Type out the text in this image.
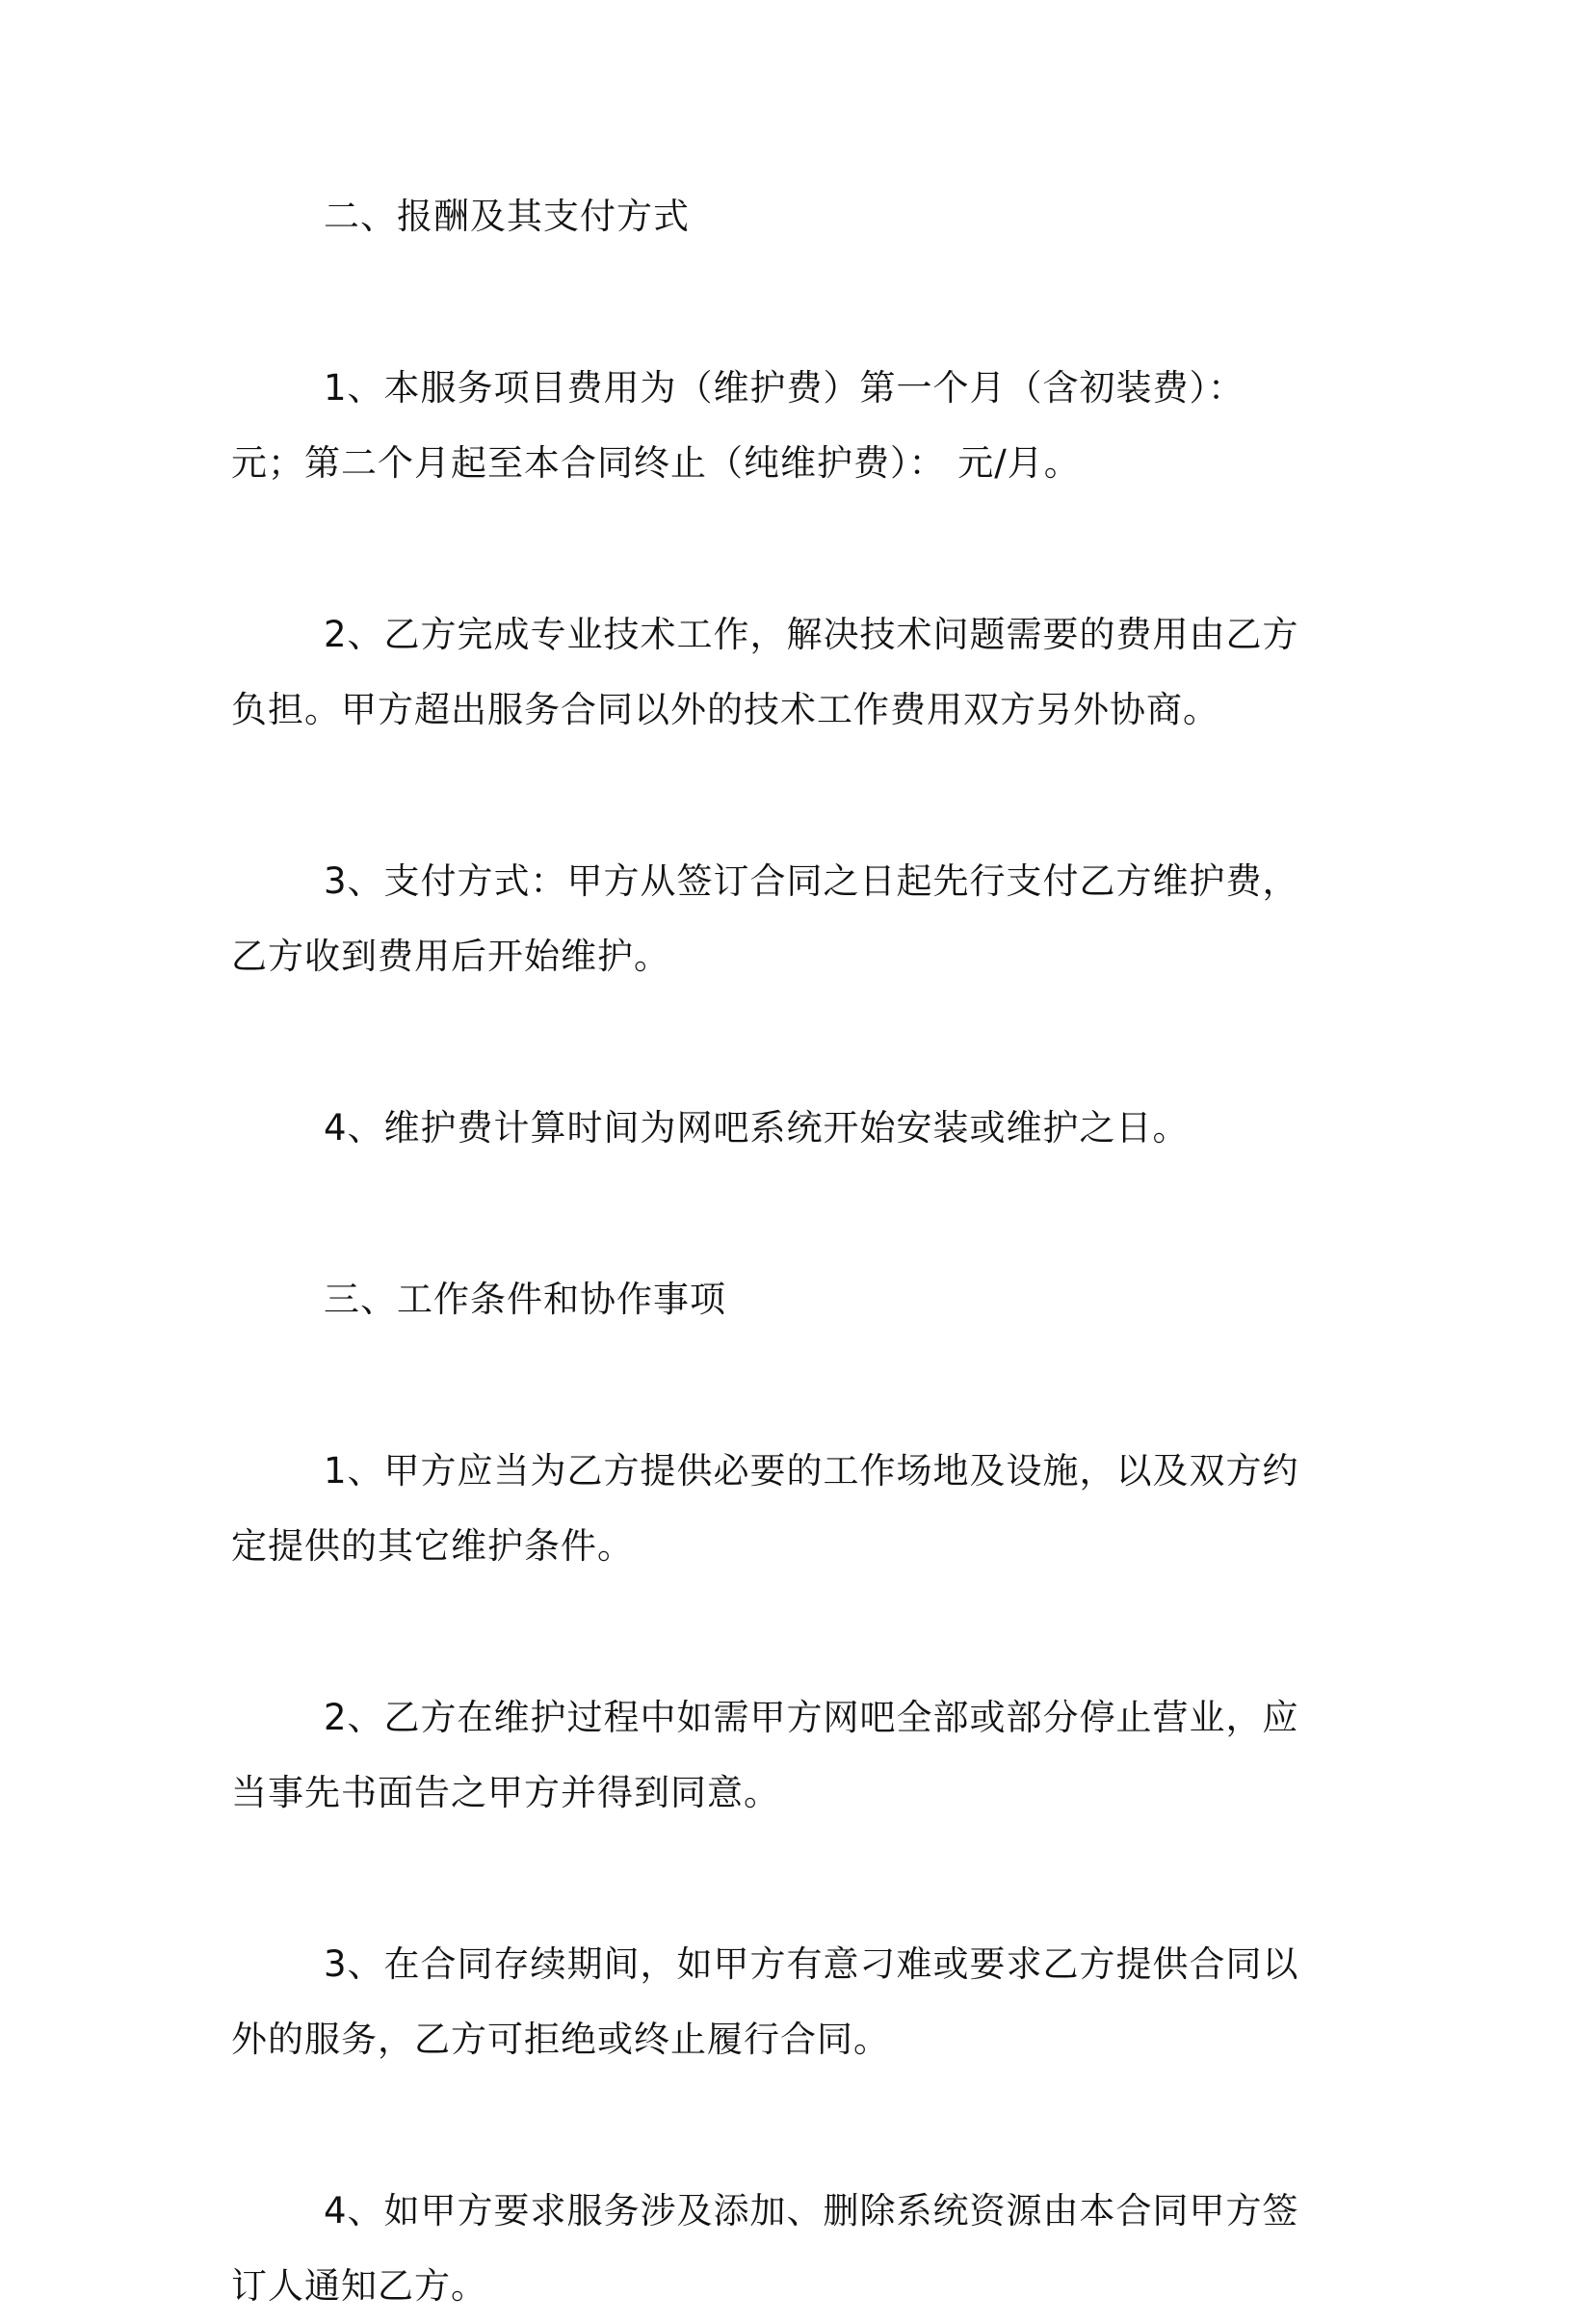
二、报酬及其支付方式

1、本服务项目费用为（维护费）第一个月（含初装费）： 元；第二个月起至本合同终止（纯维护费）： 元/月。

2、乙方完成专业技术工作，解决技术问题需要的费用由乙方负担。甲方超出服务合同以外的技术工作费用双方另外协商。

3、支付方式：甲方从签订合同之日起先行支付乙方维护费，乙方收到费用后开始维护。

4、维护费计算时间为网吧系统开始安装或维护之日。

三、工作条件和协作事项

1、甲方应当为乙方提供必要的工作场地及设施，以及双方约定提供的其它维护条件。

2、乙方在维护过程中如需甲方网吧全部或部分停止营业，应当事先书面告之甲方并得到同意。

3、在合同存续期间，如甲方有意刁难或要求乙方提供合同以外的服务，乙方可拒绝或终止履行合同。

4、如甲方要求服务涉及添加、删除系统资源由本合同甲方签订人通知乙方。
